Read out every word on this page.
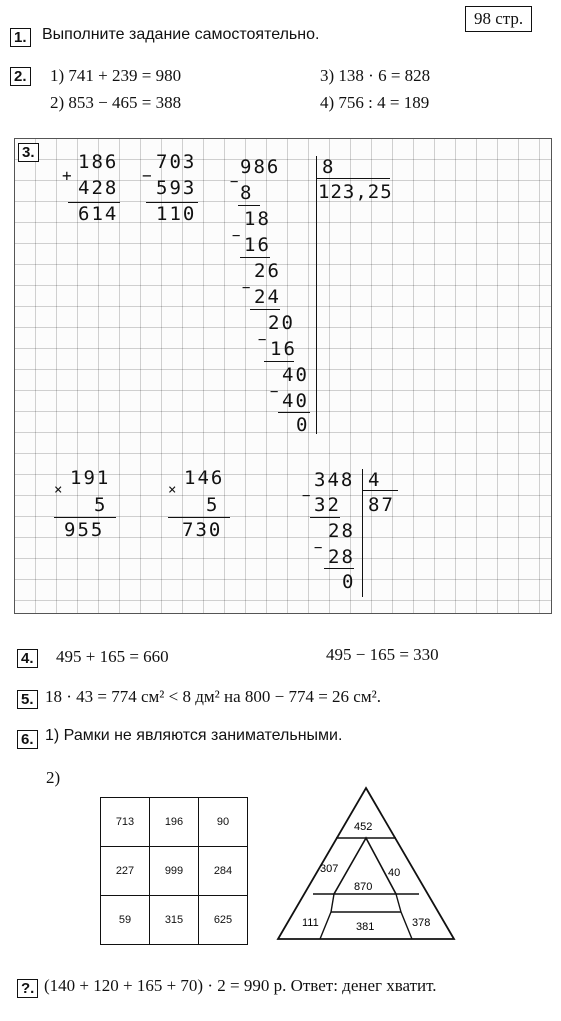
98 стр.
1. Выполните задание самостоятельно.
2. 1) 741 + 239 = 980
2) 853 − 465 = 388
3) 138 · 6 = 828
4) 756 : 4 = 189
3. 186
+
428
614
703
−
593
110
986 8
123,25
− 8
18
− 16
26
− 24
20
− 16
40
− 40
0
191
×
5
955
146
×
5
730
348 4
87
− 32
28
− 28
0
4. 495 + 165 = 660	495 − 165 = 330
5. 18 · 43 = 774 см² < 8 дм² на 800 − 774 = 26 см².
6. 1) Рамки не являются занимательными.
2)
713	196	90
227	999	284
59	315	625
452
307
870
40
111	381	378
?. (140 + 120 + 165 + 70) · 2 = 990 р. Ответ: денег хватит.
